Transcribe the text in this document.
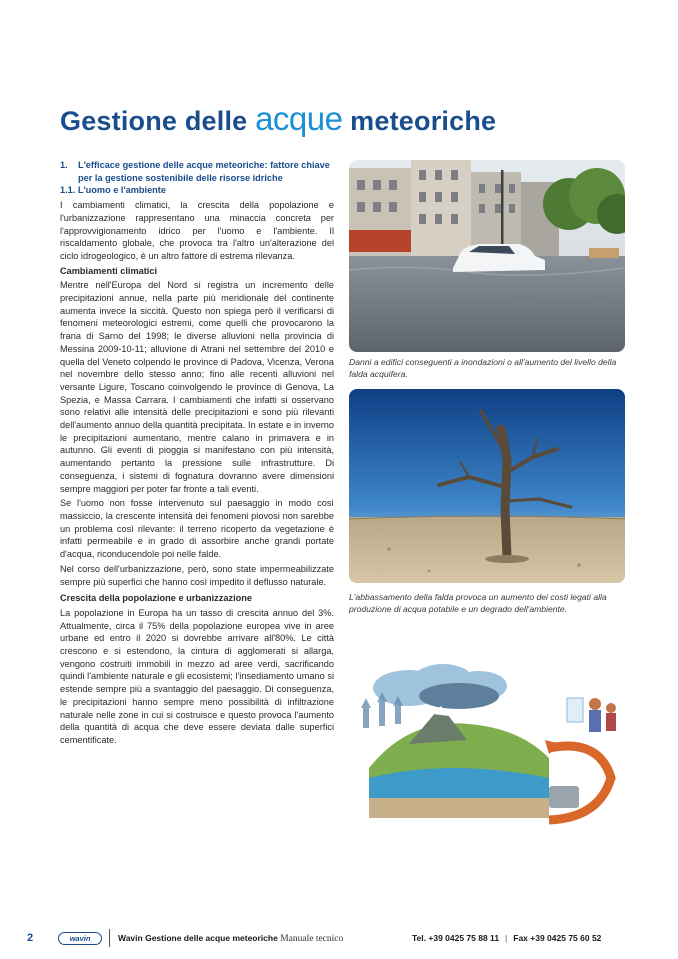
Gestione delle acque meteoriche
1.	L'efficace gestione delle acque meteoriche: fattore chiave per la gestione sostenibile delle risorse idriche

1.1. L'uomo e l'ambiente

I cambiamenti climatici, la crescita della popolazione e l'urbanizzazione rappresentano una minaccia concreta per l'approvvigionamento idrico per l'uomo e l'ambiente. Il riscaldamento globale, che provoca tra l'altro un'alterazione del ciclo idrogeologico, è un altro fattore di estrema rilevanza.

Cambiamenti climatici

Mentre nell'Europa del Nord si registra un incremento delle precipitazioni annue, nella parte più meridionale del continente aumenta invece la siccità. Questo non spiega però il verificarsi di fenomeni meteorologici estremi, come quelli che provocarono la frana di Sarno del 1998; le diverse alluvioni nella provincia di Messina 2009-10-11; alluvione di Atrani nel settembre del 2010 e quella del Veneto colpendo le province di Padova, Vicenza, Verona nel novembre dello stesso anno; fino alle recenti alluvioni nel versante Ligure, Toscano coinvolgendo le province di Genova, La Spezia, e Massa Carrara. I cambiamenti che infatti si osservano sono relativi alle intensità delle precipitazioni e sono più rilevanti dell'aumento annuo della quantità precipitata. In estate e in inverno le precipitazioni aumentano, mentre calano in primavera e in autunno. Gli eventi di pioggia si manifestano con più intensità, aumentando pertanto la pressione sulle infrastrutture. Di conseguenza, i sistemi di fognatura dovranno avere dimensioni sempre maggiori per poter far fronte a tali eventi.

Se l'uomo non fosse intervenuto sul paesaggio in modo così massiccio, la crescente intensità dei fenomeni piovosi non sarebbe un problema così rilevante: il terreno ricoperto da vegetazione è infatti permeabile e in grado di assorbire anche grandi portate d'acqua, riconducendole poi nelle falde.

Nel corso dell'urbanizzazione, però, sono state impermeabilizzate sempre più superfici che hanno così impedito il deflusso naturale.

Crescita della popolazione e urbanizzazione

La popolazione in Europa ha un tasso di crescita annuo del 3%. Attualmente, circa il 75% della popolazione europea vive in aree urbane ed entro il 2020 si dovrebbe arrivare all'80%. Le città crescono e si estendono, la cintura di agglomerati si allarga, vengono costruiti immobili in mezzo ad aree verdi, sacrificando quindi l'ambiente naturale e gli ecosistemi; l'insediamento umano si estende sempre più a svantaggio del paesaggio. Di conseguenza, le precipitazioni hanno sempre meno possibilità di infiltrazione naturale nelle zone in cui si costruisce e questo provoca l'aumento della quantità di acqua che deve essere deviata dalle superfici cementificate.

Danni a edifici conseguenti a inondazioni o all'aumento del livello della falda acquifera.
L'abbassamento della falda provoca un aumento dei costi legati alla produzione di acqua potabile e un degrado dell'ambiente.
2	wavin	Wavin Gestione delle acque meteoriche Manuale tecnico	Tel. +39 0425 75 88 11 | Fax +39 0425 75 60 52
